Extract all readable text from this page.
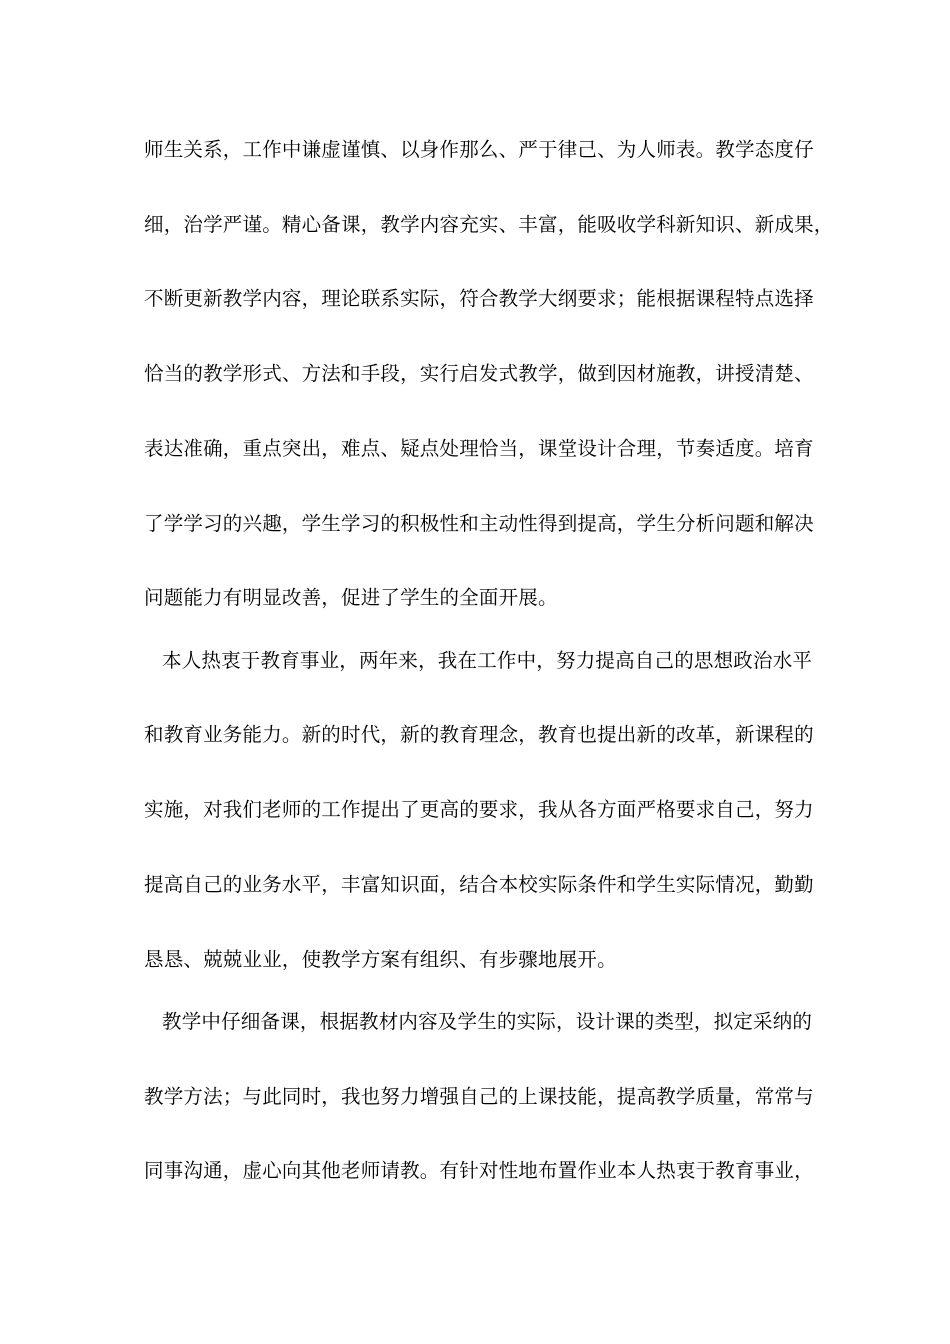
师生关系，工作中谦虚谨慎、以身作那么、严于律己、为人师表。教学态度仔
细，治学严谨。精心备课，教学内容充实、丰富，能吸收学科新知识、新成果，
不断更新教学内容，理论联系实际，符合教学大纲要求；能根据课程特点选择
恰当的教学形式、方法和手段，实行启发式教学，做到因材施教，讲授清楚、
表达准确，重点突出，难点、疑点处理恰当，课堂设计合理，节奏适度。培育
了学学习的兴趣，学生学习的积极性和主动性得到提高，学生分析问题和解决
问题能力有明显改善，促进了学生的全面开展。
本人热衷于教育事业，两年来，我在工作中，努力提高自己的思想政治水平
和教育业务能力。新的时代，新的教育理念，教育也提出新的改革，新课程的
实施，对我们老师的工作提出了更高的要求，我从各方面严格要求自己，努力
提高自己的业务水平，丰富知识面，结合本校实际条件和学生实际情况，勤勤
恳恳、兢兢业业，使教学方案有组织、有步骤地展开。
教学中仔细备课，根据教材内容及学生的实际，设计课的类型，拟定采纳的
教学方法；与此同时，我也努力增强自己的上课技能，提高教学质量，常常与
同事沟通，虚心向其他老师请教。有针对性地布置作业本人热衷于教育事业，
